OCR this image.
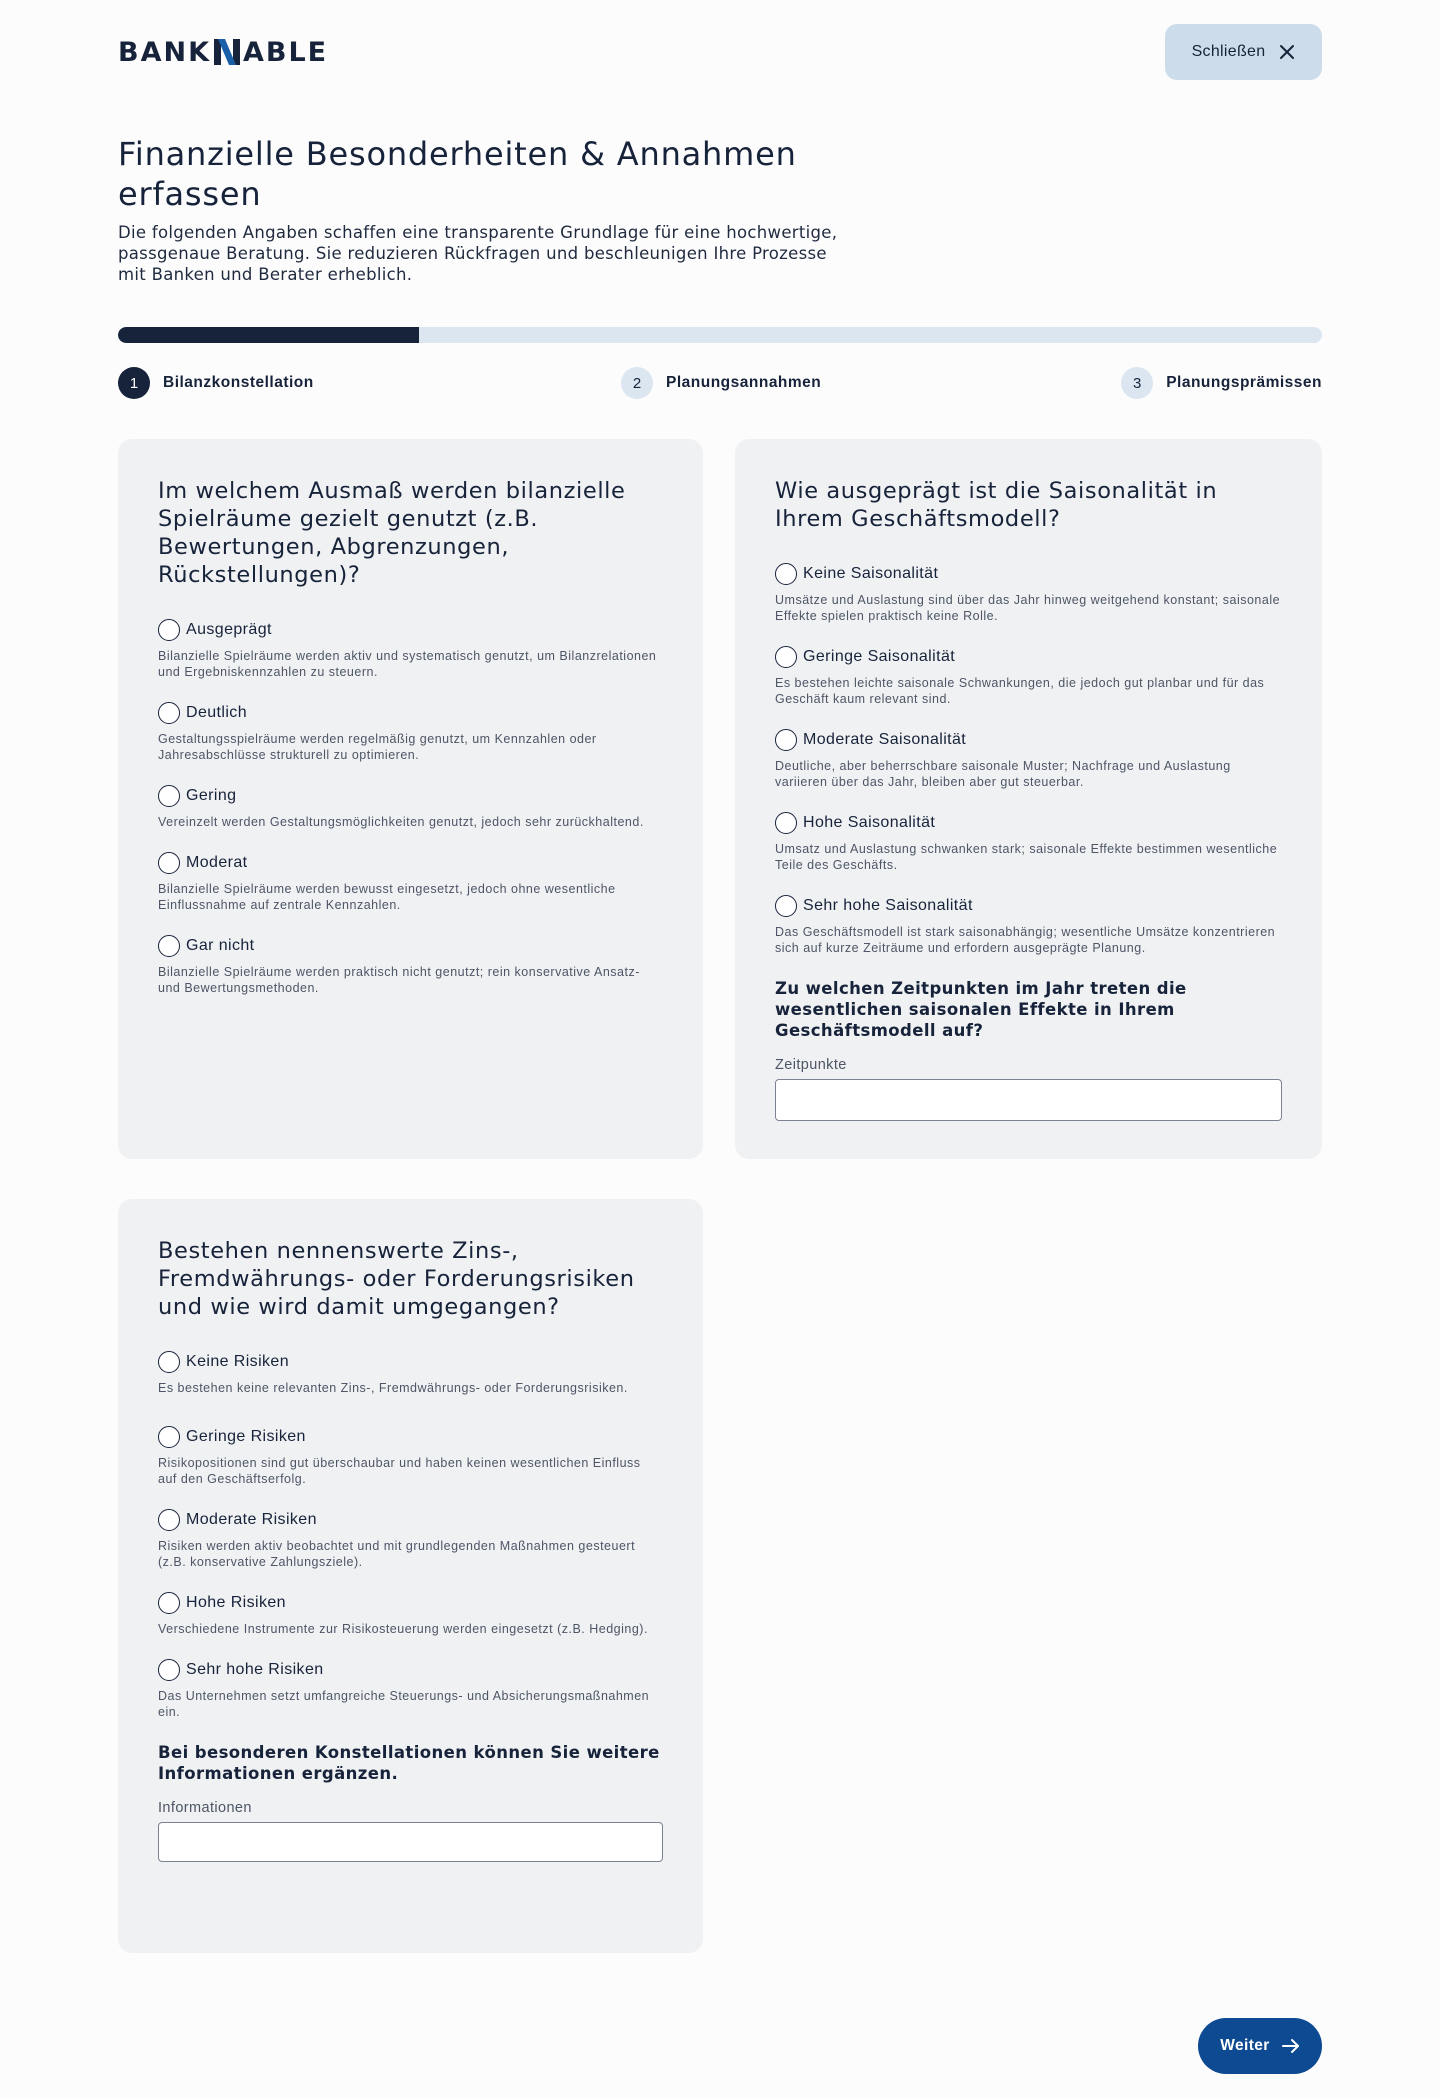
BANK ABLE	Schließen
Finanzielle Besonderheiten & Annahmen erfassen

Die folgenden Angaben schaffen eine transparente Grundlage für eine hochwertige, passgenaue Beratung. Sie reduzieren Rückfragen und beschleunigen Ihre Prozesse mit Banken und Berater erheblich.

1	Bilanzkonstellation	2	Planungsannahmen	3	Planungsprämissen
Im welchem Ausmaß werden bilanzielle Spielräume gezielt genutzt (z.B. Bewertungen, Abgrenzungen, Rückstellungen)?
Ausgeprägt

Bilanzielle Spielräume werden aktiv und systematisch genutzt, um Bilanzrelationen und Ergebniskennzahlen zu steuern.

Deutlich

Gestaltungsspielräume werden regelmäßig genutzt, um Kennzahlen oder Jahresabschlüsse strukturell zu optimieren.

Gering

Vereinzelt werden Gestaltungsmöglichkeiten genutzt, jedoch sehr zurückhaltend.

Moderat

Bilanzielle Spielräume werden bewusst eingesetzt, jedoch ohne wesentliche Einflussnahme auf zentrale Kennzahlen.

Gar nicht

Bilanzielle Spielräume werden praktisch nicht genutzt; rein konservative Ansatz- und Bewertungsmethoden.

Wie ausgeprägt ist die Saisonalität in Ihrem Geschäftsmodell?
Keine Saisonalität

Umsätze und Auslastung sind über das Jahr hinweg weitgehend konstant; saisonale Effekte spielen praktisch keine Rolle.

Geringe Saisonalität

Es bestehen leichte saisonale Schwankungen, die jedoch gut planbar und für das Geschäft kaum relevant sind.

Moderate Saisonalität

Deutliche, aber beherrschbare saisonale Muster; Nachfrage und Auslastung variieren über das Jahr, bleiben aber gut steuerbar.

Hohe Saisonalität

Umsatz und Auslastung schwanken stark; saisonale Effekte bestimmen wesentliche Teile des Geschäfts.

Sehr hohe Saisonalität

Das Geschäftsmodell ist stark saisonabhängig; wesentliche Umsätze konzentrieren sich auf kurze Zeiträume und erfordern ausgeprägte Planung.

Zu welchen Zeitpunkten im Jahr treten die wesentlichen saisonalen Effekte in Ihrem Geschäftsmodell auf?

Zeitpunkte
Bestehen nennenswerte Zins-, Fremdwährungs- oder Forderungsrisiken und wie wird damit umgegangen?
Keine Risiken

Es bestehen keine relevanten Zins-, Fremdwährungs- oder Forderungsrisiken.

Geringe Risiken

Risikopositionen sind gut überschaubar und haben keinen wesentlichen Einfluss auf den Geschäftserfolg.

Moderate Risiken

Risiken werden aktiv beobachtet und mit grundlegenden Maßnahmen gesteuert (z.B. konservative Zahlungsziele).

Hohe Risiken

Verschiedene Instrumente zur Risikosteuerung werden eingesetzt (z.B. Hedging).

Sehr hohe Risiken

Das Unternehmen setzt umfangreiche Steuerungs- und Absicherungsmaßnahmen ein.

Bei besonderen Konstellationen können Sie weitere Informationen ergänzen.

Informationen
Weiter
